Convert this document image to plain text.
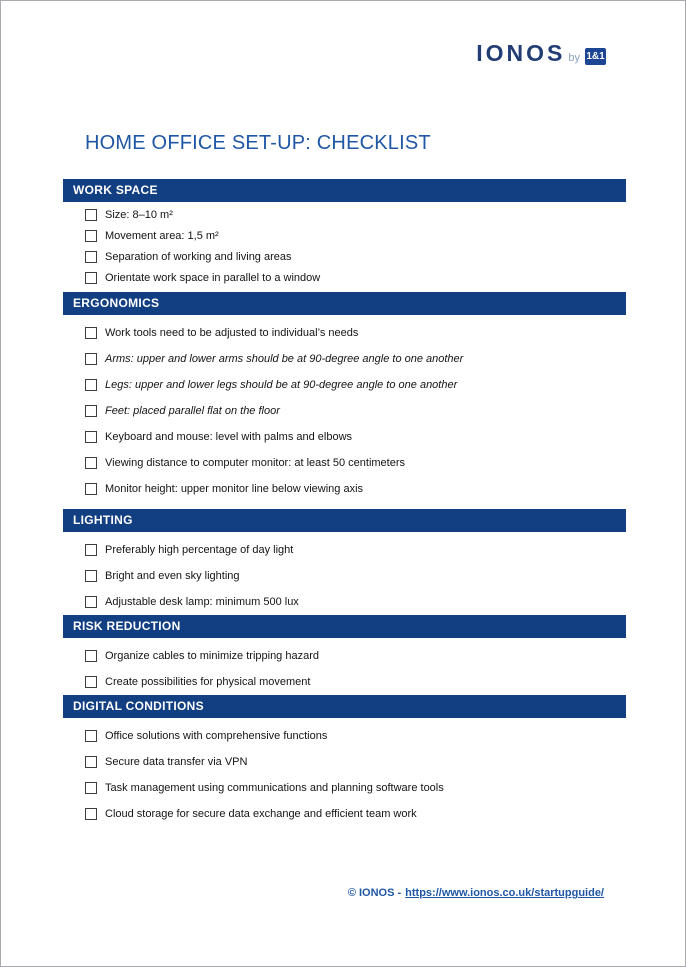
IONOS by 1&1
HOME OFFICE SET-UP: CHECKLIST
WORK SPACE
Size: 8–10 m²
Movement area: 1,5 m²
Separation of working and living areas
Orientate work space in parallel to a window
ERGONOMICS
Work tools need to be adjusted to individual’s needs
Arms: upper and lower arms should be at 90-degree angle to one another
Legs: upper and lower legs should be at 90-degree angle to one another
Feet: placed parallel flat on the floor
Keyboard and mouse: level with palms and elbows
Viewing distance to computer monitor: at least 50 centimeters
Monitor height: upper monitor line below viewing axis
LIGHTING
Preferably high percentage of day light
Bright and even sky lighting
Adjustable desk lamp: minimum 500 lux
RISK REDUCTION
Organize cables to minimize tripping hazard
Create possibilities for physical movement
DIGITAL CONDITIONS
Office solutions with comprehensive functions
Secure data transfer via VPN
Task management using communications and planning software tools
Cloud storage for secure data exchange and efficient team work
© IONOS - https://www.ionos.co.uk/startupguide/
